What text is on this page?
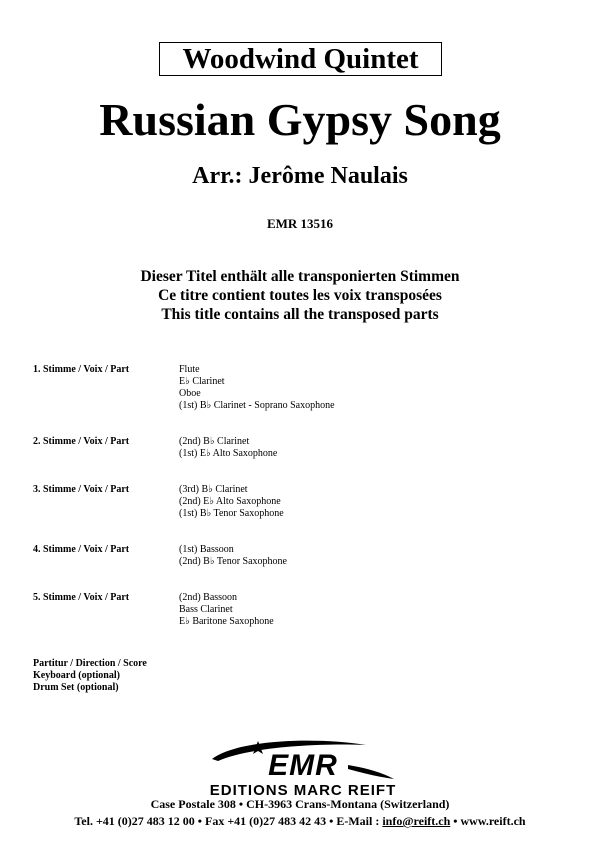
Woodwind Quintet
Russian Gypsy Song
Arr.: Jerôme Naulais
EMR 13516
Dieser Titel enthält alle transponierten Stimmen
Ce titre contient toutes les voix transposées
This title contains all the transposed parts
1. Stimme / Voix / Part	Flute
E♭ Clarinet
Oboe
(1st) B♭ Clarinet - Soprano Saxophone
2. Stimme / Voix / Part	(2nd) B♭ Clarinet
(1st) E♭ Alto Saxophone
3. Stimme / Voix / Part	(3rd) B♭ Clarinet
(2nd) E♭ Alto Saxophone
(1st) B♭ Tenor Saxophone
4. Stimme / Voix / Part	(1st) Bassoon
(2nd) B♭ Tenor Saxophone
5. Stimme / Voix / Part	(2nd) Bassoon
Bass Clarinet
E♭ Baritone Saxophone
Partitur / Direction / Score
Keyboard (optional)
Drum Set (optional)
EMR
EDITIONS MARC REIFT
Case Postale 308 • CH-3963 Crans-Montana (Switzerland)
Tel. +41 (0)27 483 12 00 • Fax +41 (0)27 483 42 43 • E-Mail : info@reift.ch • www.reift.ch
